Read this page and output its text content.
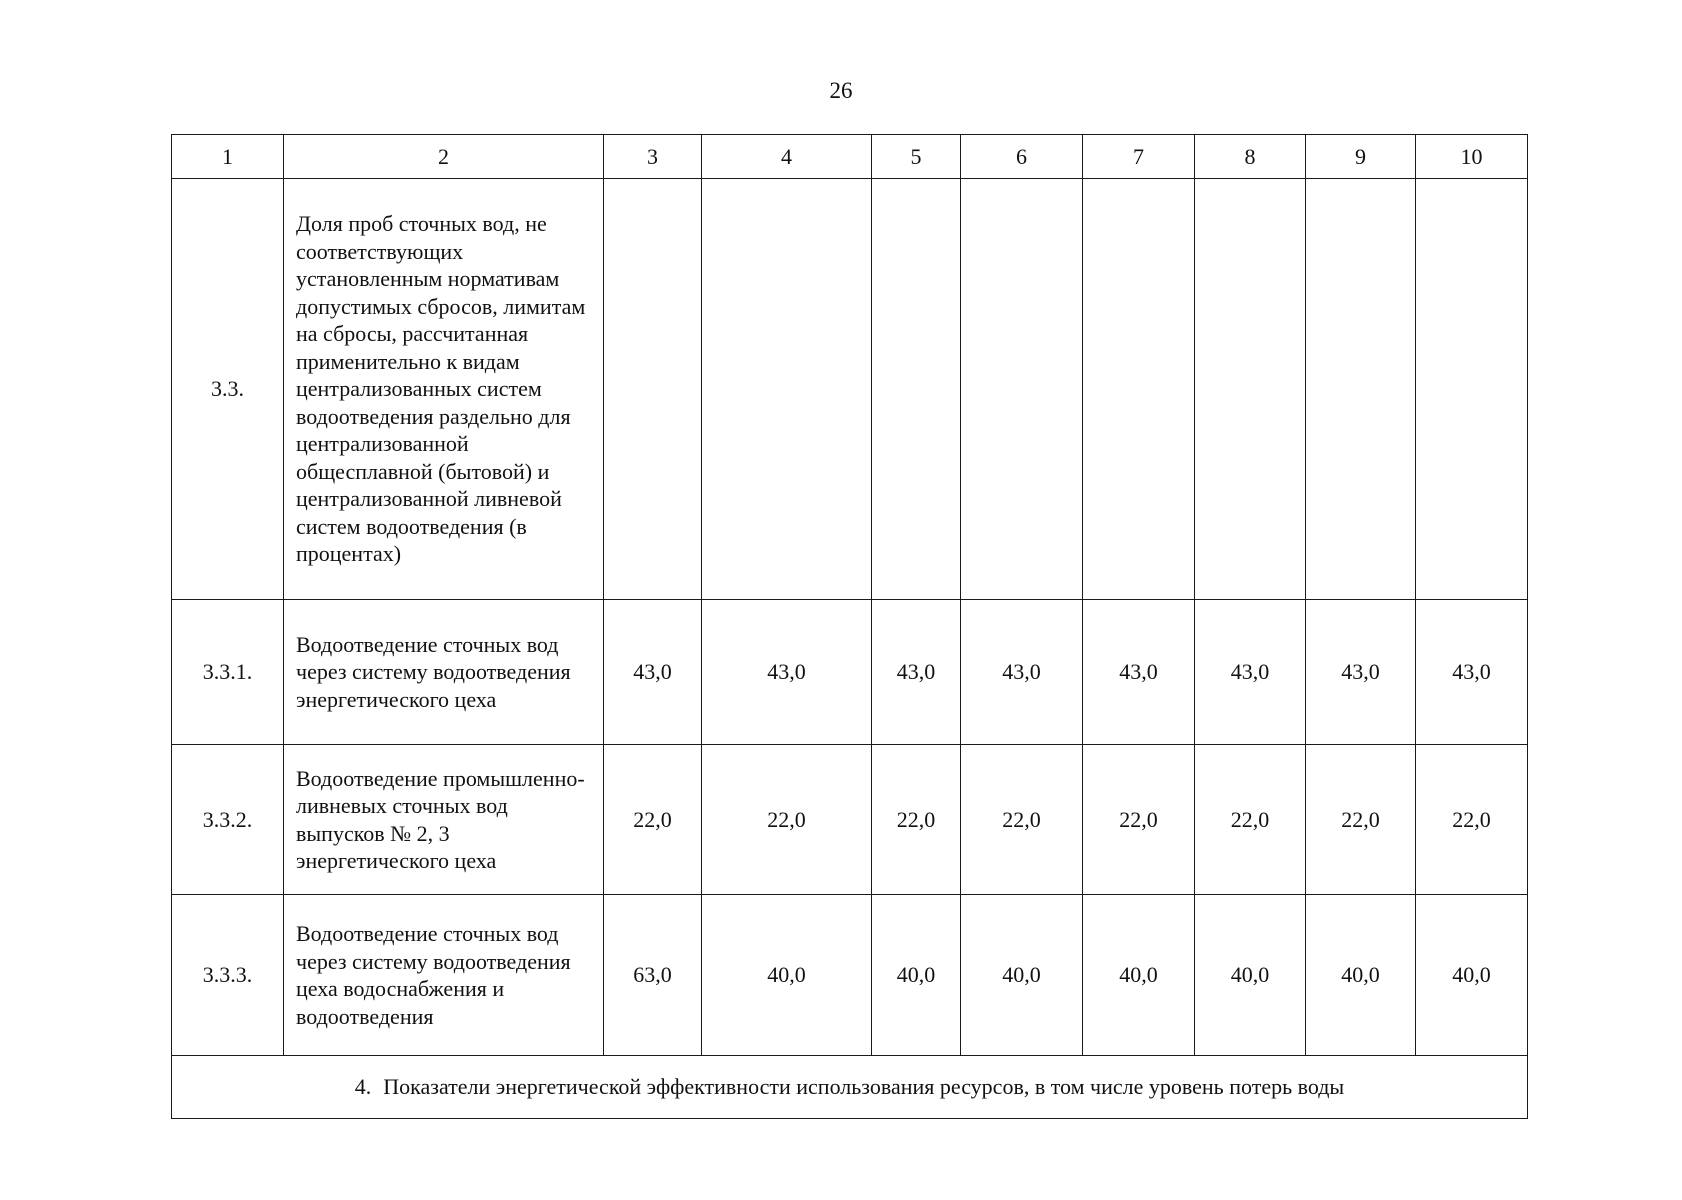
26
1	2	3	4	5	6	7	8	9	10
3.3.	Доля проб сточных вод, не соответствующих установленным нормативам допустимых сбросов, лимитам на сбросы, рассчитанная применительно к видам централизованных систем водоотведения раздельно для централизованной общесплавной (бытовой) и централизованной ливневой систем водоотведения (в процентах)								
3.3.1.	Водоотведение сточных вод через систему водоотведения энергетического цеха	43,0	43,0	43,0	43,0	43,0	43,0	43,0	43,0
3.3.2.	Водоотведение промышленно-ливневых сточных вод выпусков № 2, 3 энергетического цеха	22,0	22,0	22,0	22,0	22,0	22,0	22,0	22,0
3.3.3.	Водоотведение сточных вод через систему водоотведения цеха водоснабжения и водоотведения	63,0	40,0	40,0	40,0	40,0	40,0	40,0	40,0
4. Показатели энергетической эффективности использования ресурсов, в том числе уровень потерь воды									
